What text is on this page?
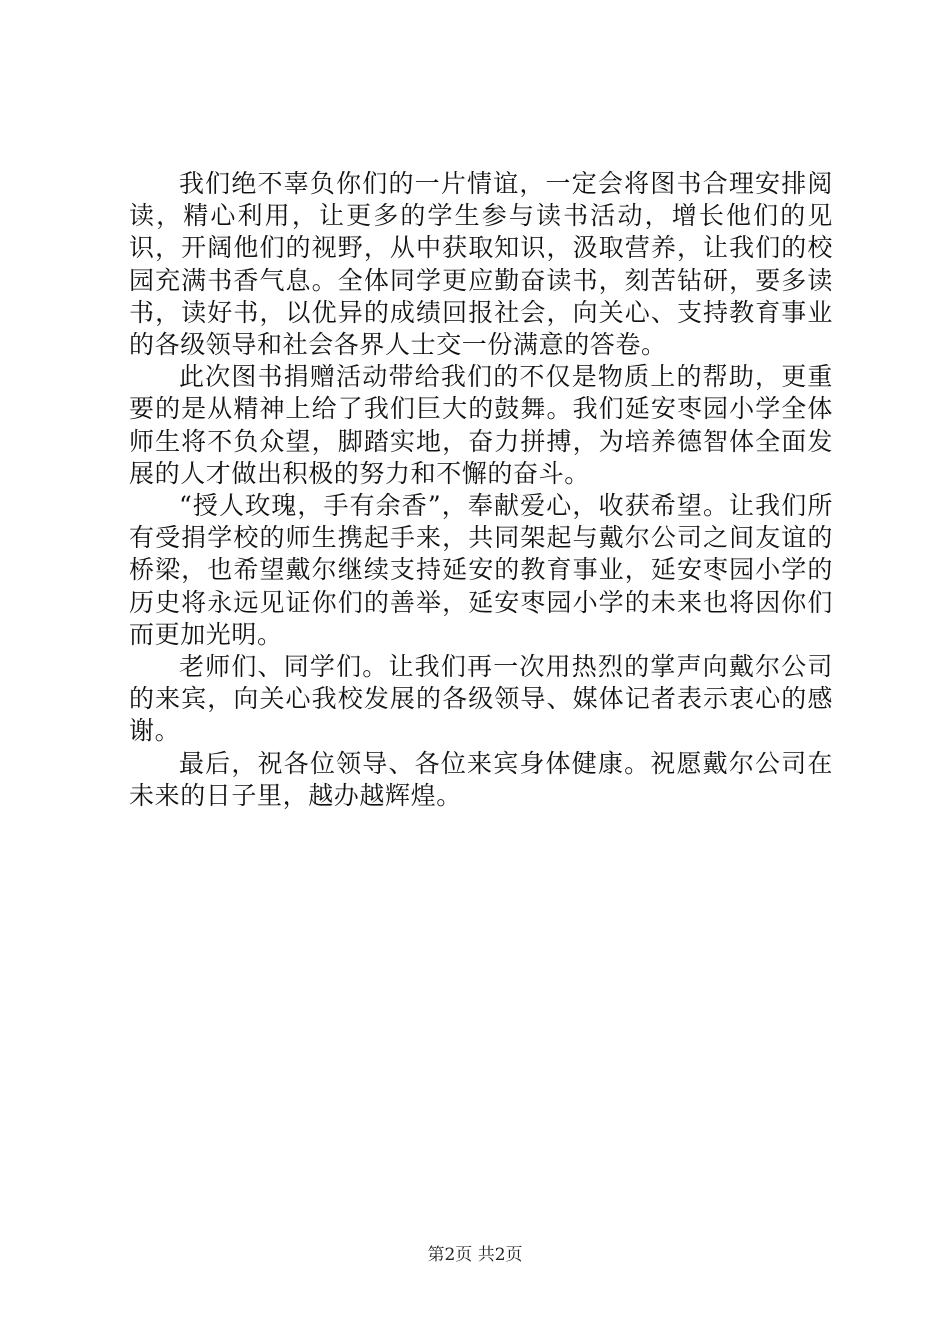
我们绝不辜负你们的一片情谊，一定会将图书合理安排阅读，精心利用，让更多的学生参与读书活动，增长他们的见识，开阔他们的视野，从中获取知识，汲取营养，让我们的校园充满书香气息。全体同学更应勤奋读书，刻苦钻研，要多读书，读好书，以优异的成绩回报社会，向关心、支持教育事业的各级领导和社会各界人士交一份满意的答卷。

此次图书捐赠活动带给我们的不仅是物质上的帮助，更重要的是从精神上给了我们巨大的鼓舞。我们延安枣园小学全体师生将不负众望，脚踏实地，奋力拼搏，为培养德智体全面发展的人才做出积极的努力和不懈的奋斗。

“授人玫瑰，手有余香”，奉献爱心，收获希望。让我们所有受捐学校的师生携起手来，共同架起与戴尔公司之间友谊的桥梁，也希望戴尔继续支持延安的教育事业，延安枣园小学的历史将永远见证你们的善举，延安枣园小学的未来也将因你们而更加光明。

老师们、同学们。让我们再一次用热烈的掌声向戴尔公司的来宾，向关心我校发展的各级领导、媒体记者表示衷心的感谢。

最后，祝各位领导、各位来宾身体健康。祝愿戴尔公司在未来的日子里，越办越辉煌。

第2页 共2页
